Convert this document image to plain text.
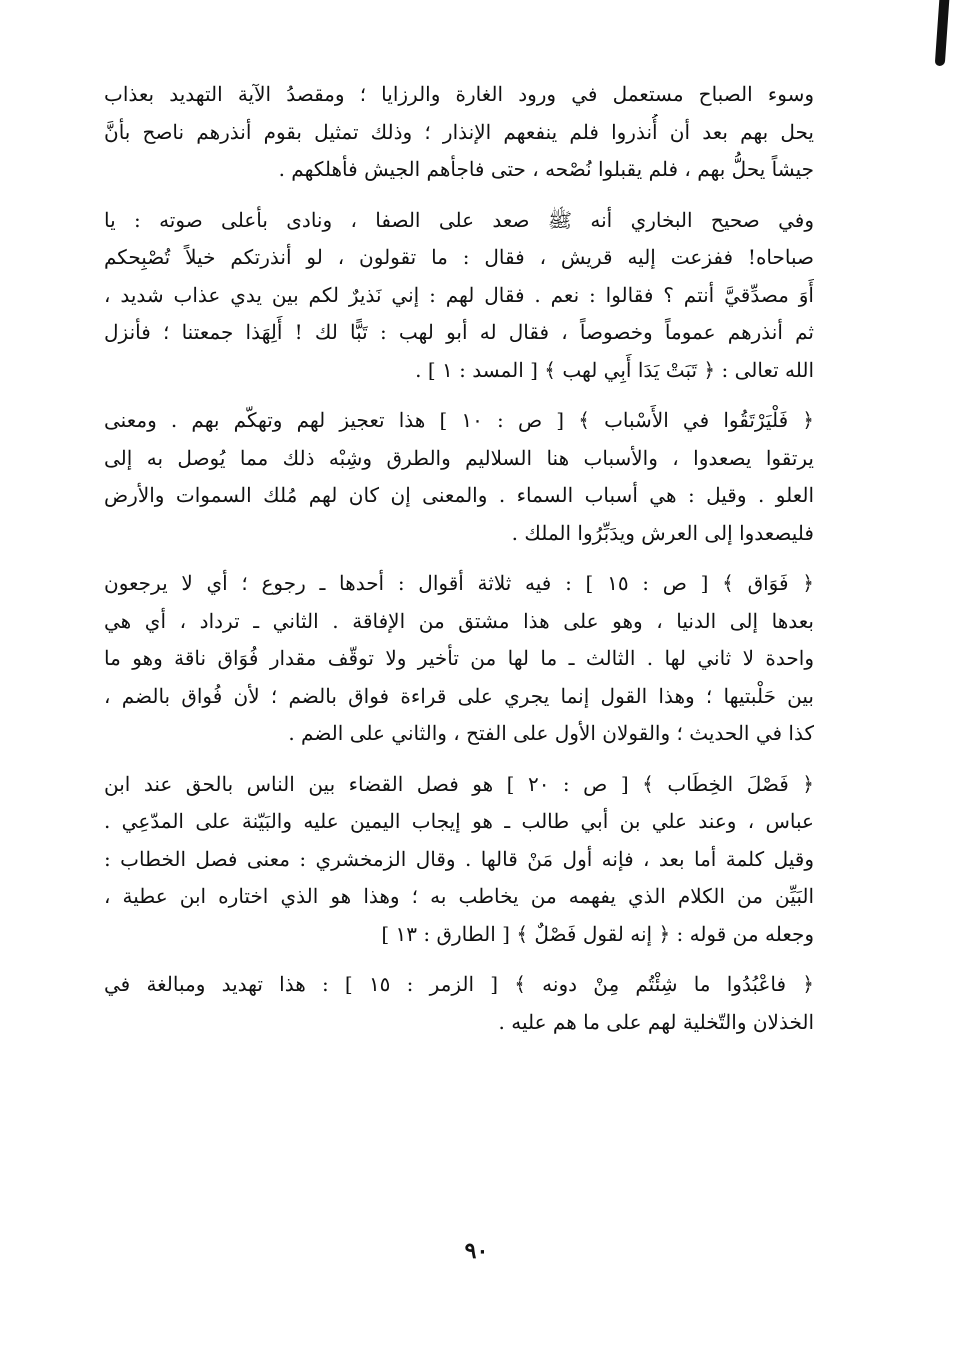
وسوء الصباح مستعمل في ورود الغارة والرزايا ؛ ومقصدُ الآية التهديد بعذاب
يحل بهم بعد أن أُنذروا فلم ينفعهم الإنذار ؛ وذلك تمثيل بقوم أنذرهم ناصح بأنَّ
جيشاً يحلُّ بهم ، فلم يقبلوا نُصْحه ، حتى فاجأهم الجيش فأهلكهم .

وفي صحيح البخاري أنه ﷺ صعد على الصفا ، ونادى بأعلى صوته : يا
صباحاه! ففزعت إليه قريش ، فقال : ما تقولون ، لو أنذرتكم خيلاً تُصْبِحكم
أَوَ مصدِّقيَّ أنتم ؟ فقالوا : نعم . فقال لهم : إني نَذيرٌ لكم بين يدي عذاب شديد ،
ثم أنذرهم عموماً وخصوصاً ، فقال له أبو لهب : تَبًّا لك ! أَلِهَذا جمعتنا ؛ فأنزل
الله تعالى : ﴿ تَبَتْ يَدَا أَبِي لهب ﴾ [ المسد : ١ ] .

﴿ فَلْيَرْتَقُوا في الأَسْباب ﴾ [ ص : ١٠ ] هذا تعجيز لهم وتهكّم بهم . ومعنى
يرتقوا يصعدوا ، والأسباب هنا السلاليم والطرق وشِبْه ذلك مما يُوصل به إلى
العلو . وقيل : هي أسباب السماء . والمعنى إن كان لهم مُلك السموات والأرض
فليصعدوا إلى العرش ويدَبِّرُوا الملك .

﴿ فَوَاق ﴾ [ ص : ١٥ ] : فيه ثلاثة أقوال : أحدها ـ رجوع ؛ أي لا يرجعون
بعدها إلى الدنيا ، وهو على هذا مشتق من الإفاقة . الثاني ـ ترداد ، أي هي
واحدة لا ثاني لها . الثالث ـ ما لها من تأخير ولا توقّف مقدار فُوَاق ناقة وهو ما
بين حَلْبتيها ؛ وهذا القول إنما يجري على قراءة فواق بالضم ؛ لأن فُواق بالضم ،
كذا في الحديث ؛ والقولان الأول على الفتح ، والثاني على الضم .

﴿ فَصْلَ الخِطَاب ﴾ [ ص : ٢٠ ] هو فصل القضاء بين الناس بالحق عند ابن
عباس ، وعند علي بن أبي طالب ـ هو إيجاب اليمين عليه والبَيّنة على المدّعِي .
وقيل كلمة أما بعد ، فإنه أول مَنْ قالها . وقال الزمخشري : معنى فصل الخطاب :
البَيِّن من الكلام الذي يفهمه من يخاطب به ؛ وهذا هو الذي اختاره ابن عطية ،
وجعله من قوله : ﴿ إنه لقول فَصْلٌ ﴾ [ الطارق : ١٣ ]

﴿ فاعْبُدُوا ما شِئْتُم مِنْ دونه ﴾ [ الزمر : ١٥ ] : هذا تهديد ومبالغة في
الخذلان والتّخلية لهم على ما هم عليه .

٩٠
